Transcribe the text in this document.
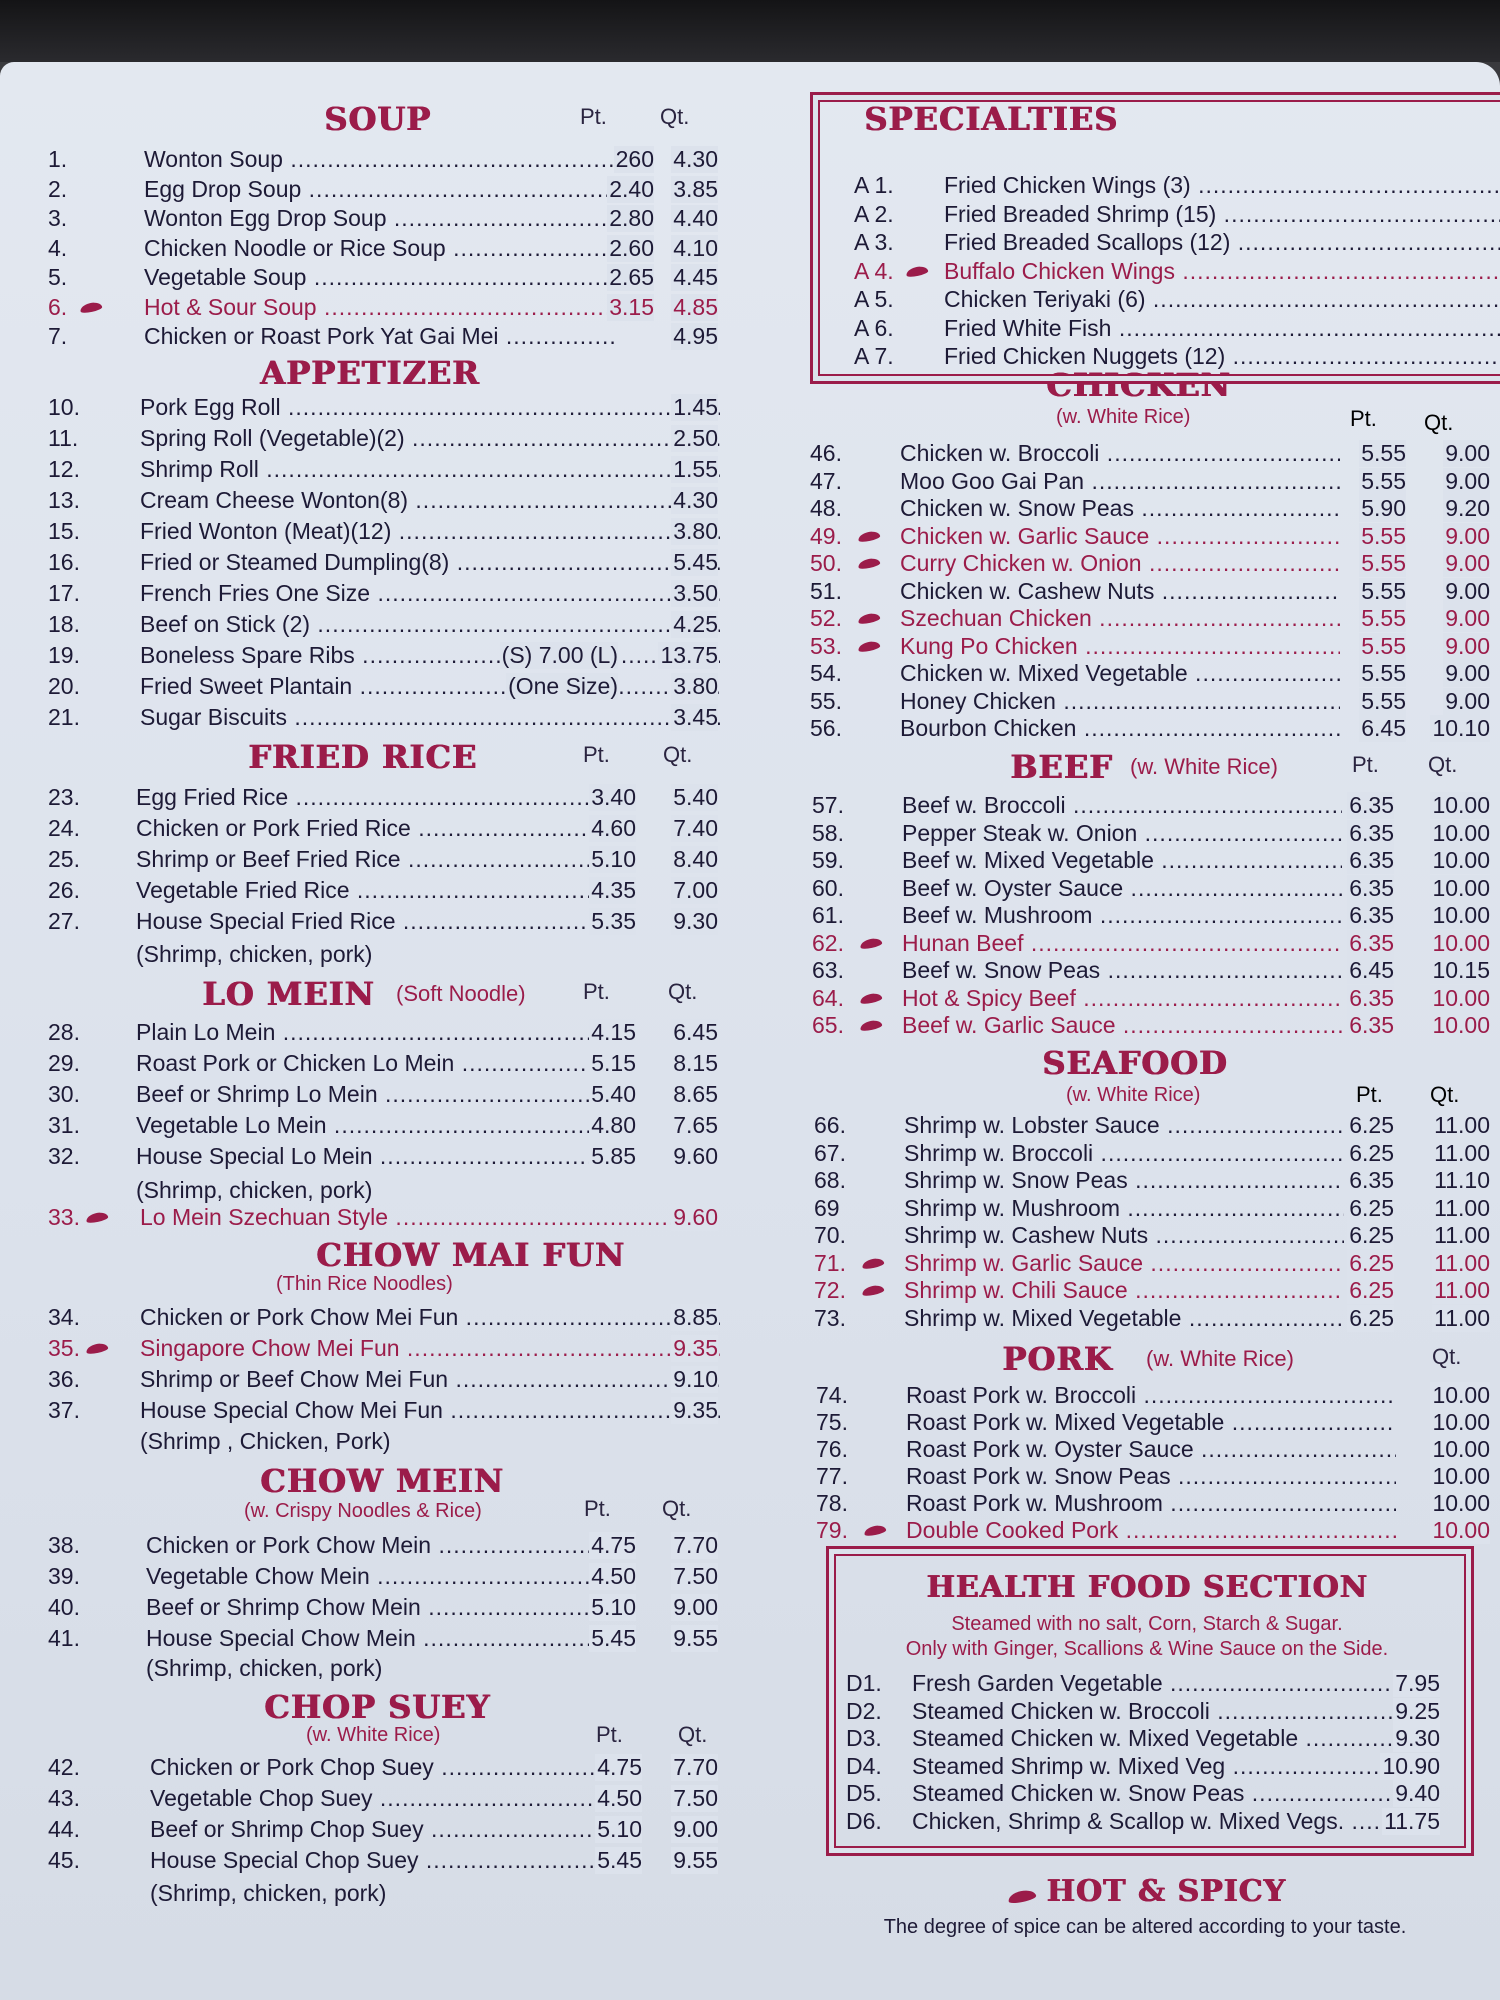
SOUP	Pt. Qt.
1.	Wonton Soup .....	260 4.30
2.	Egg Drop Soup .....	2.40 3.85
3.	Wonton Egg Drop Soup .....	2.80 4.40
4.	Chicken Noodle or Rice Soup .....	2.60 4.10
5.	Vegetable Soup .....	2.65 4.45
6.	Hot & Sour Soup .....	3.15 4.85
7.	Chicken or Roast Pork Yat Gai Mei .....	4.95
APPETIZER
10.	Pork Egg Roll .....	1.45
11.	Spring Roll (Vegetable)(2) .....	2.50
12.	Shrimp Roll .....	1.55
13.	Cream Cheese Wonton(8) .....	4.30
15.	Fried Wonton (Meat)(12) .....	3.80
16.	Fried or Steamed Dumpling(8) .....	5.45
17.	French Fries One Size .....	3.50
18.	Beef on Stick (2) .....	4.25
19.	Boneless Spare Ribs .....	(S) 7.00 (L) 13.75
20.	Fried Sweet Plantain .....	(One Size) 3.80
21.	Sugar Biscuits .....	3.45
FRIED RICE	Pt. Qt.
23.	Egg Fried Rice .....	3.40 5.40
24.	Chicken or Pork Fried Rice .....	4.60 7.40
25.	Shrimp or Beef Fried Rice .....	5.10 8.40
26.	Vegetable Fried Rice .....	4.35 7.00
27.	House Special Fried Rice .....	5.35 9.30
(Shrimp, chicken, pork)
LO MEIN (Soft Noodle)	Pt.	Qt.
28.	Plain Lo Mein .....	4.15 6.45
29.	Roast Pork or Chicken Lo Mein .....	5.15 8.15
30.	Beef or Shrimp Lo Mein .....	5.40 8.65
31.	Vegetable Lo Mein .....	4.80 7.65
32.	House Special Lo Mein .....	5.85 9.60
(Shrimp, chicken, pork)
33.	Lo Mein Szechuan Style .....	9.60
CHOW MAI FUN
(Thin Rice Noodles)
34.	Chicken or Pork Chow Mei Fun .....	8.85
35.	Singapore Chow Mei Fun .....	9.35
36.	Shrimp or Beef Chow Mei Fun .....	9.10
37.	House Special Chow Mei Fun .....	9.35
(Shrimp , Chicken, Pork)
CHOW MEIN
Pt. Qt.
(w. Crispy Noodles & Rice)
38.	Chicken or Pork Chow Mein .....	4.75 7.70
39.	Vegetable Chow Mein .....	4.50 7.50
40.	Beef or Shrimp Chow Mein .....	5.10 9.00
41.	House Special Chow Mein .....	5.45 9.55
(Shrimp, chicken, pork)
CHOP SUEY
Pt.	Qt.
(w. White Rice)
42.	Chicken or Pork Chop Suey .....	4.75 7.70
43.	Vegetable Chop Suey .....	4.50 7.50
44.	Beef or Shrimp Chop Suey .....	5.10 9.00
45.	House Special Chop Suey .....	5.45 9.55
(Shrimp, chicken, pork)
SPECIALTIES
A 1.	Fried Chicken Wings (3) .....
A 2.	Fried Breaded Shrimp (15) .....
A 3.	Fried Breaded Scallops (12) .....
A 4.	Buffalo Chicken Wings .....
A 5.	Chicken Teriyaki (6) .....
A 6.	Fried White Fish .....
A 7.	Fried Chicken Nuggets (12) .....
CHICKEN
(w. White Rice)	Pt. Qt.
46.	Chicken w. Broccoli .....	5.55 9.00
47.	Moo Goo Gai Pan .....	5.55 9.00
48.	Chicken w. Snow Peas .....	5.90 9.20
49.	Chicken w. Garlic Sauce .....	5.55 9.00
50.	Curry Chicken w. Onion .....	5.55 9.00
51.	Chicken w. Cashew Nuts .....	5.55 9.00
52.	Szechuan Chicken .....	5.55 9.00
53.	Kung Po Chicken .....	5.55 9.00
54.	Chicken w. Mixed Vegetable .....	5.55 9.00
55.	Honey Chicken .....	5.55 9.00
56.	Bourbon Chicken .....	6.45 10.10
BEEF (w. White Rice)	Pt. Qt.
57.	Beef w. Broccoli .....	6.35 10.00
58.	Pepper Steak w. Onion .....	6.35 10.00
59.	Beef w. Mixed Vegetable .....	6.35 10.00
60.	Beef w. Oyster Sauce .....	6.35 10.00
61.	Beef w. Mushroom .....	6.35 10.00
62.	Hunan Beef .....	6.35 10.00
63.	Beef w. Snow Peas .....	6.45 10.15
64.	Hot & Spicy Beef .....	6.35 10.00
65.	Beef w. Garlic Sauce .....	6.35 10.00
SEAFOOD
(w. White Rice)	Pt. Qt.
66.	Shrimp w. Lobster Sauce .....	6.25 11.00
67.	Shrimp w. Broccoli .....	6.25 11.00
68.	Shrimp w. Snow Peas .....	6.35 11.10
69	Shrimp w. Mushroom .....	6.25 11.00
70.	Shrimp w. Cashew Nuts .....	6.25 11.00
71.	Shrimp w. Garlic Sauce .....	6.25 11.00
72.	Shrimp w. Chili Sauce .....	6.25 11.00
73.	Shrimp w. Mixed Vegetable .....	6.25 11.00
PORK (w. White Rice)	Qt.
74.	Roast Pork w. Broccoli .....	10.00
75.	Roast Pork w. Mixed Vegetable .....	10.00
76.	Roast Pork w. Oyster Sauce .....	10.00
77.	Roast Pork w. Snow Peas .....	10.00
78.	Roast Pork w. Mushroom .....	10.00
79.	Double Cooked Pork .....	10.00
HEALTH FOOD SECTION
Steamed with no salt, Corn, Starch & Sugar.
Only with Ginger, Scallions & Wine Sauce on the Side.
D1.	Fresh Garden Vegetable .....	7.95
D2.	Steamed Chicken w. Broccoli .....	9.25
D3.	Steamed Chicken w. Mixed Vegetable .....	9.30
D4.	Steamed Shrimp w. Mixed Veg .....	10.90
D5.	Steamed Chicken w. Snow Peas .....	9.40
D6.	Chicken, Shrimp & Scallop w. Mixed Vegs. .....	11.75
HOT & SPICY
The degree of spice can be altered according to your taste.
